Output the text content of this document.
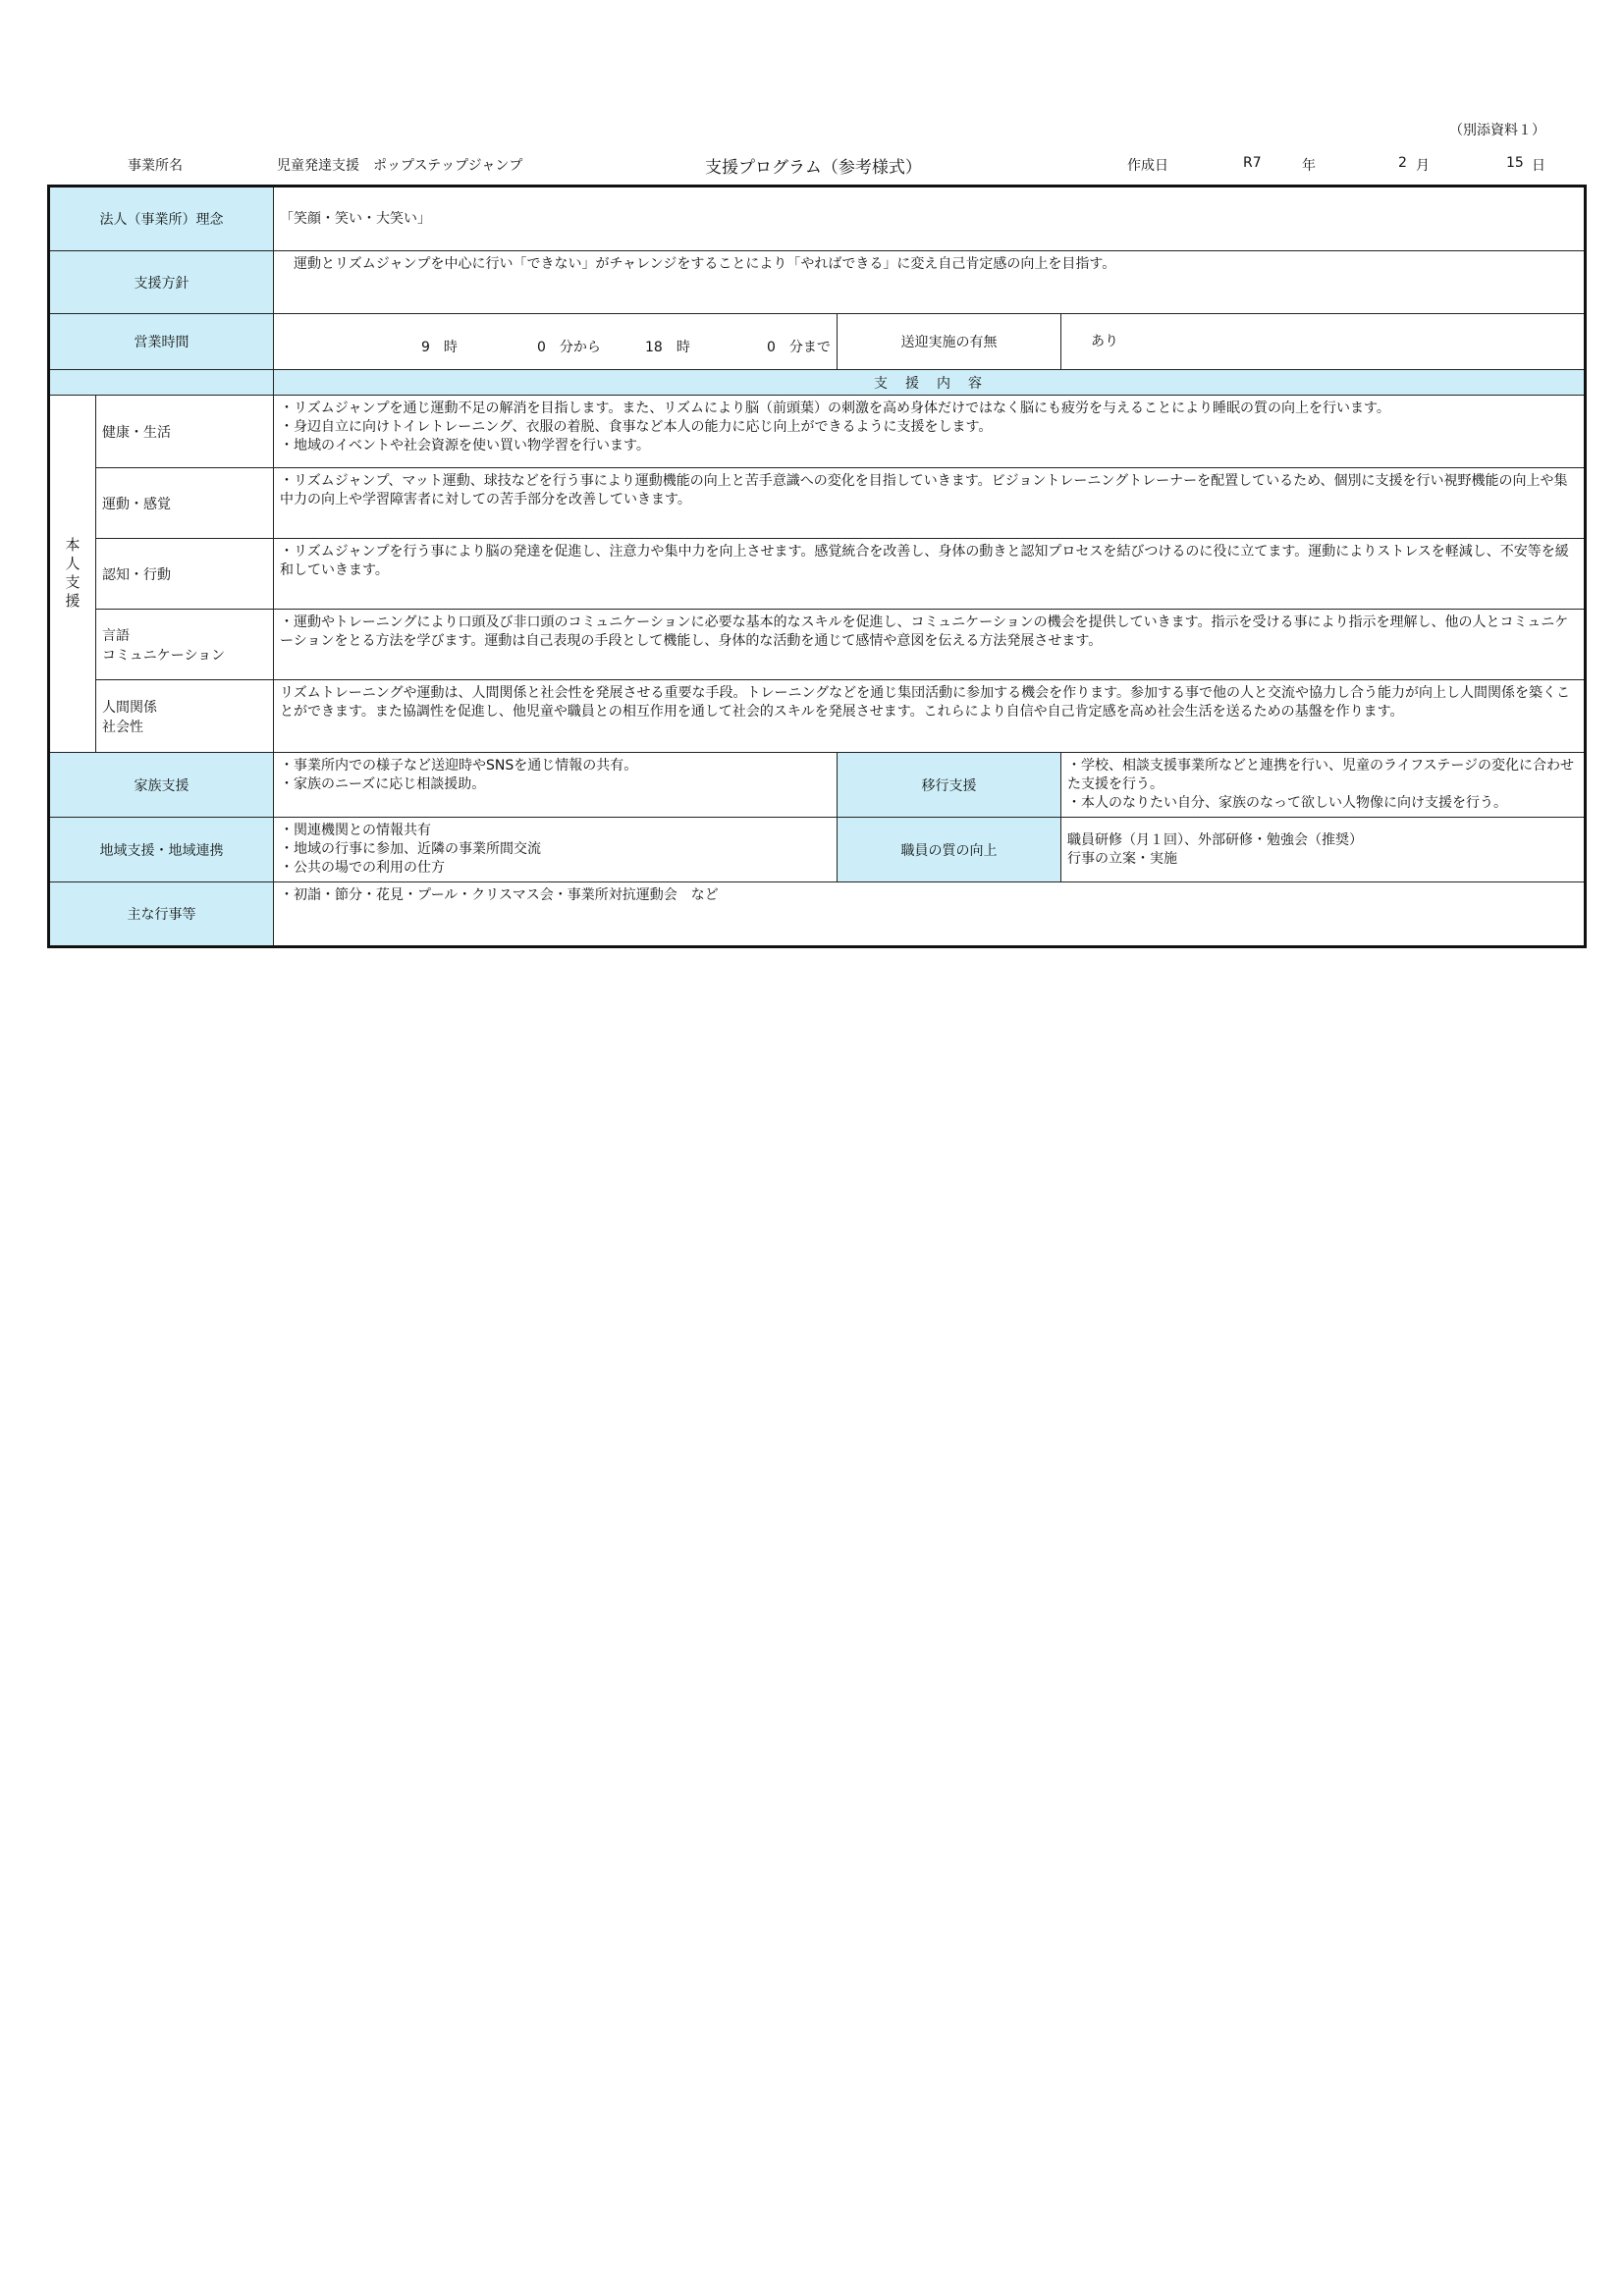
（別添資料１）
事業所名	児童発達支援　ポップステップジャンプ	支援プログラム（参考様式）	作成日	R7	年	2 月	15 日
法人（事業所）理念		「笑顔・笑い・大笑い」		
支援方針		　運動とリズムジャンプを中心に行い「できない」がチャレンジをすることにより「やればできる」に変え自己肯定感の向上を目指す。		
営業時間		9　時 0　分から 18　時 0　分まで	送迎実施の有無	あり
		支　援　内　容		

本人支援	健康・生活	・リズムジャンプを通じ運動不足の解消を目指します。また、リズムにより脳（前頭葉）の刺激を高め身体だけではなく脳にも疲労を与えることにより睡眠の質の向上を行います。
・身辺自立に向けトイレトレーニング、衣服の着脱、食事など本人の能力に応じ向上ができるように支援をします。
・地域のイベントや社会資源を使い買い物学習を行います。		

	運動・感覚	・リズムジャンプ、マット運動、球技などを行う事により運動機能の向上と苦手意識への変化を目指していきます。ビジョントレーニングトレーナーを配置しているため、個別に支援を行い視野機能の向上や集中力の向上や学習障害者に対しての苦手部分を改善していきます。		

	認知・行動	・リズムジャンプを行う事により脳の発達を促進し、注意力や集中力を向上させます。感覚統合を改善し、身体の動きと認知プロセスを結びつけるのに役に立てます。運動によりストレスを軽減し、不安等を緩和していきます。		

	言語
コミュニケーション	・運動やトレーニングにより口頭及び非口頭のコミュニケーションに必要な基本的なスキルを促進し、コミュニケーションの機会を提供していきます。指示を受ける事により指示を理解し、他の人とコミュニケーションをとる方法を学びます。運動は自己表現の手段として機能し、身体的な活動を通じて感情や意図を伝える方法発展させます。		

	人間関係
社会性	リズムトレーニングや運動は、人間関係と社会性を発展させる重要な手段。トレーニングなどを通じ集団活動に参加する機会を作ります。参加する事で他の人と交流や協力し合う能力が向上し人間関係を築くことができます。また協調性を促進し、他児童や職員との相互作用を通して社会的スキルを発展させます。これらにより自信や自己肯定感を高め社会生活を送るための基盤を作ります。		

家族支援		・事業所内での様子など送迎時やSNSを通じ情報の共有。
・家族のニーズに応じ相談援助。	移行支援	・学校、相談支援事業所などと連携を行い、児童のライフステージの変化に合わせた支援を行う。
・本人のなりたい自分、家族のなって欲しい人物像に向け支援を行う。

地域支援・地域連携		・関連機関との情報共有
・地域の行事に参加、近隣の事業所間交流
・公共の場での利用の仕方	職員の質の向上	職員研修（月１回）、外部研修・勉強会（推奨）
行事の立案・実施

主な行事等		・初詣・節分・花見・プール・クリスマス会・事業所対抗運動会　など		
